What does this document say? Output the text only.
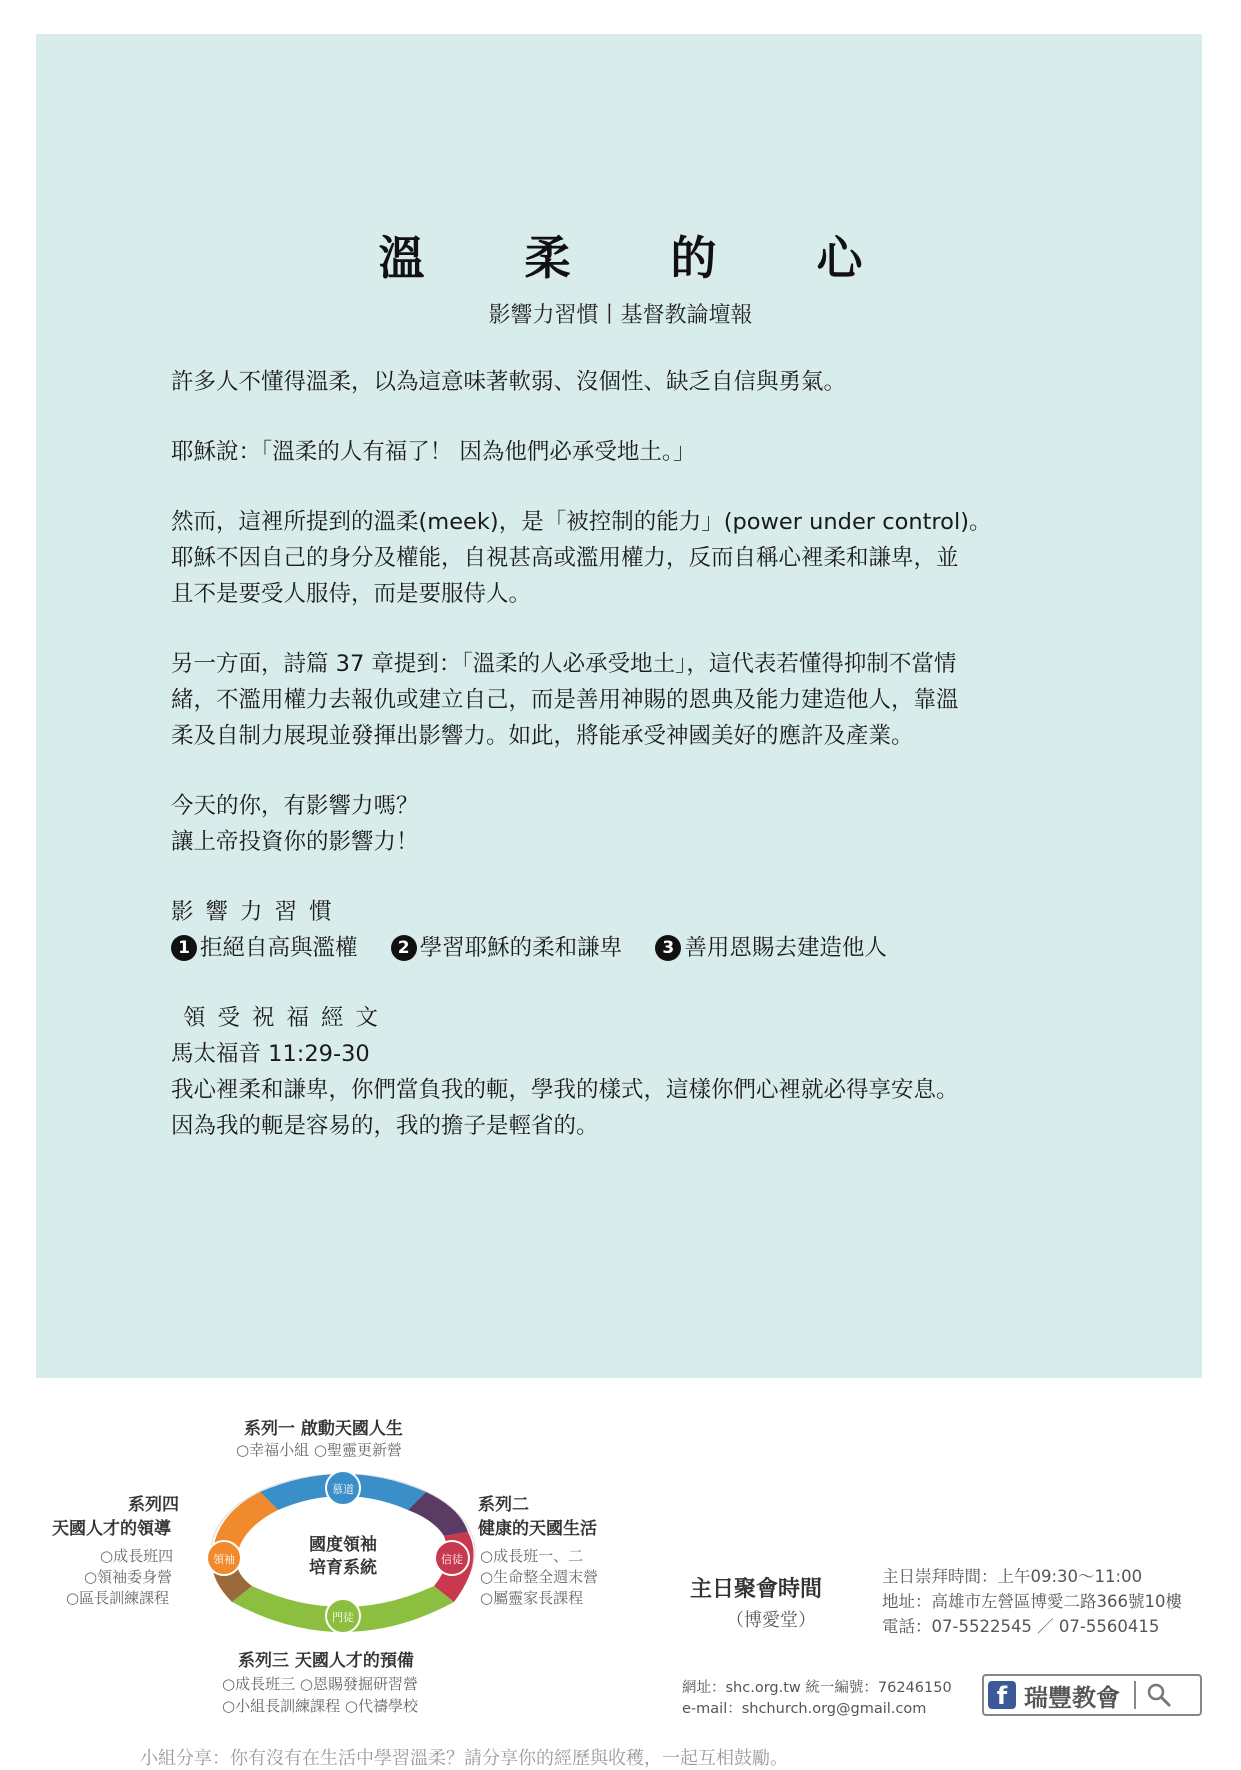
溫 柔 的 心
影響力習慣丨基督教論壇報
許多人不懂得溫柔，以為這意味著軟弱、沒個性、缺乏自信與勇氣。
耶穌說：「溫柔的人有福了！ 因為他們必承受地土。」
然而，這裡所提到的溫柔(meek)，是「被控制的能力」(power under control)。
耶穌不因自己的身分及權能，自視甚高或濫用權力，反而自稱心裡柔和謙卑，並
且不是要受人服侍，而是要服侍人。
另一方面，詩篇 37 章提到：「溫柔的人必承受地土」，這代表若懂得抑制不當情
緒，不濫用權力去報仇或建立自己，而是善用神賜的恩典及能力建造他人，靠溫
柔及自制力展現並發揮出影響力。如此，將能承受神國美好的應許及產業。
今天的你，有影響力嗎？
讓上帝投資你的影響力！
影響力習慣
1 拒絕自高與濫權 2 學習耶穌的柔和謙卑 3 善用恩賜去建造他人
領受祝福經文
馬太福音 11:29-30
我心裡柔和謙卑，你們當負我的軛，學我的樣式，這樣你們心裡就必得享安息。
因為我的軛是容易的，我的擔子是輕省的。
系列一 啟動天國人生
○幸福小組 ○聖靈更新營
系列四
天國人才的領導
○成長班四
○領袖委身營
○區長訓練課程
系列二
健康的天國生活
○成長班一、二
○生命整全週末營
○屬靈家長課程
系列三 天國人才的預備
○成長班三 ○恩賜發掘研習營
○小組長訓練課程 ○代禱學校
慕道
信徒
門徒
領袖
國度領袖
培育系統
主日聚會時間
（博愛堂）
主日崇拜時間：上午09:30～11:00
地址：高雄市左營區博愛二路366號10樓
電話：07-5522545 ／ 07-5560415
網址：shc.org.tw 統一編號：76246150
e-mail：shchurch.org@gmail.com	f 瑞豐教會
小組分享：你有沒有在生活中學習溫柔？請分享你的經歷與收穫，一起互相鼓勵。
